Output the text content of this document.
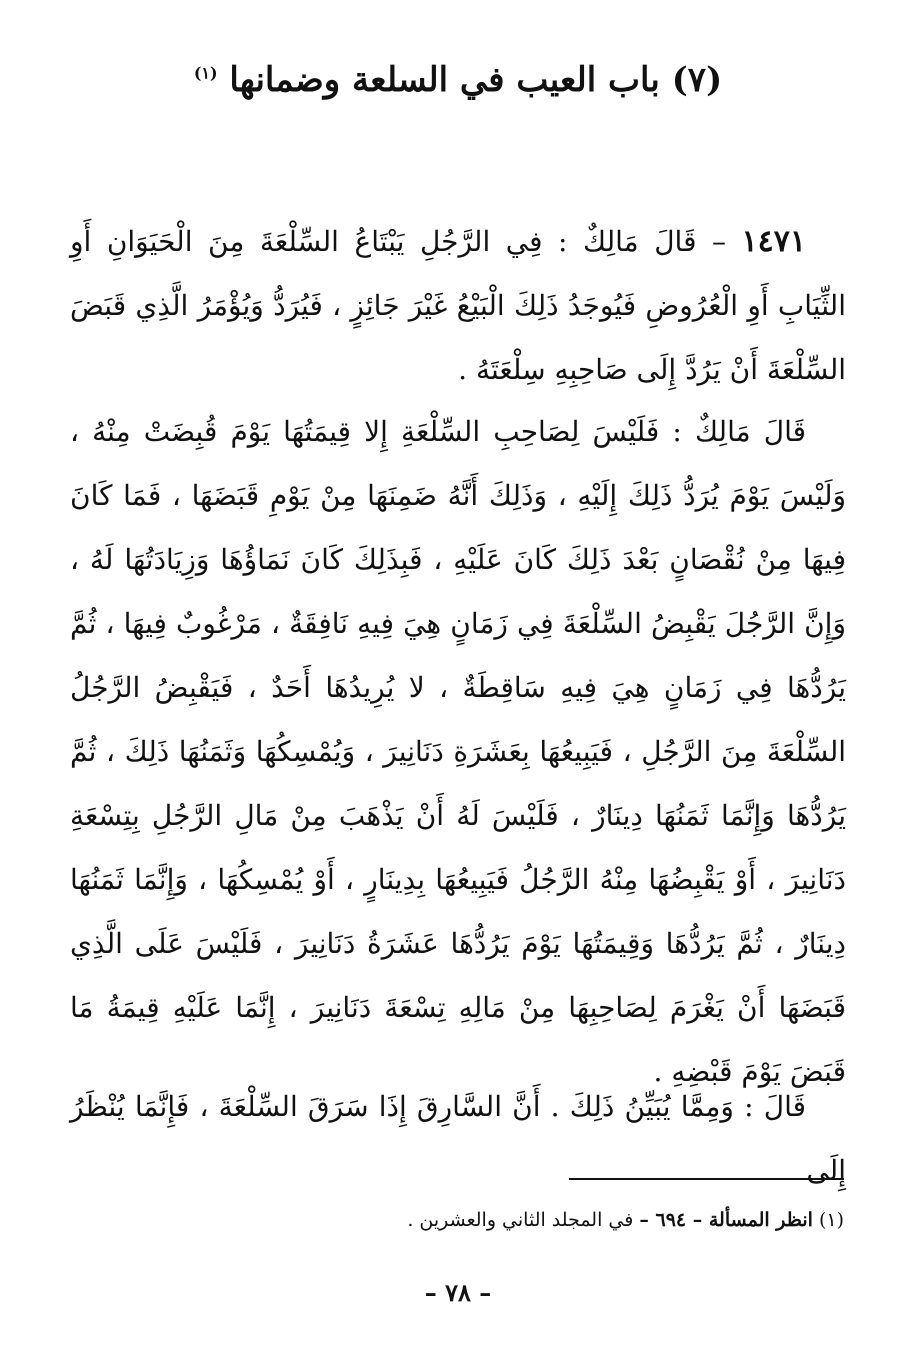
(٧) باب العيب في السلعة وضمانها $^{(١)}$

١٤٧١ – قَالَ مَالِكٌ : فِي الرَّجُلِ يَبْتَاعُ السِّلْعَةَ مِنَ الْحَيَوَانِ أَوِ الثِّيَابِ أَوِ الْعُرُوضِ فَيُوجَدُ ذَلِكَ الْبَيْعُ غَيْرَ جَائِزٍ ، فَيُرَدُّ وَيُؤْمَرُ الَّذِي قَبَضَ السِّلْعَةَ أَنْ يَرُدَّ إِلَى صَاحِبِهِ سِلْعَتَهُ .

قَالَ مَالِكٌ : فَلَيْسَ لِصَاحِبِ السِّلْعَةِ إِلا قِيمَتُهَا يَوْمَ قُبِضَتْ مِنْهُ ، وَلَيْسَ يَوْمَ يُرَدُّ ذَلِكَ إِلَيْهِ ، وَذَلِكَ أَنَّهُ ضَمِنَهَا مِنْ يَوْمِ قَبَضَهَا ، فَمَا كَانَ فِيهَا مِنْ نُقْصَانٍ بَعْدَ ذَلِكَ كَانَ عَلَيْهِ ، فَبِذَلِكَ كَانَ نَمَاؤُهَا وَزِيَادَتُهَا لَهُ ، وَإِنَّ الرَّجُلَ يَقْبِضُ السِّلْعَةَ فِي زَمَانٍ هِيَ فِيهِ نَافِقَةٌ ، مَرْغُوبٌ فِيهَا ، ثُمَّ يَرُدُّهَا فِي زَمَانٍ هِيَ فِيهِ سَاقِطَةٌ ، لا يُرِيدُهَا أَحَدٌ ، فَيَقْبِضُ الرَّجُلُ السِّلْعَةَ مِنَ الرَّجُلِ ، فَيَبِيعُهَا بِعَشَرَةِ دَنَانِيرَ ، وَيُمْسِكُهَا وَثَمَنُهَا ذَلِكَ ، ثُمَّ يَرُدُّهَا وَإِنَّمَا ثَمَنُهَا دِينَارٌ ، فَلَيْسَ لَهُ أَنْ يَذْهَبَ مِنْ مَالِ الرَّجُلِ بِتِسْعَةِ دَنَانِيرَ ، أَوْ يَقْبِضُهَا مِنْهُ الرَّجُلُ فَيَبِيعُهَا بِدِينَارٍ ، أَوْ يُمْسِكُهَا ، وَإِنَّمَا ثَمَنُهَا دِينَارٌ ، ثُمَّ يَرُدُّهَا وَقِيمَتُهَا يَوْمَ يَرُدُّهَا عَشَرَةُ دَنَانِيرَ ، فَلَيْسَ عَلَى الَّذِي قَبَضَهَا أَنْ يَغْرَمَ لِصَاحِبِهَا مِنْ مَالِهِ تِسْعَةَ دَنَانِيرَ ، إِنَّمَا عَلَيْهِ قِيمَةُ مَا قَبَضَ يَوْمَ قَبْضِهِ .

قَالَ : وَمِمَّا يُبَيِّنُ ذَلِكَ . أَنَّ السَّارِقَ إِذَا سَرَقَ السِّلْعَةَ ، فَإِنَّمَا يُنْظَرُ إِلَى

(١) انظر المسألة – ٦٩٤ – في المجلد الثاني والعشرين .
– ٧٨ –
